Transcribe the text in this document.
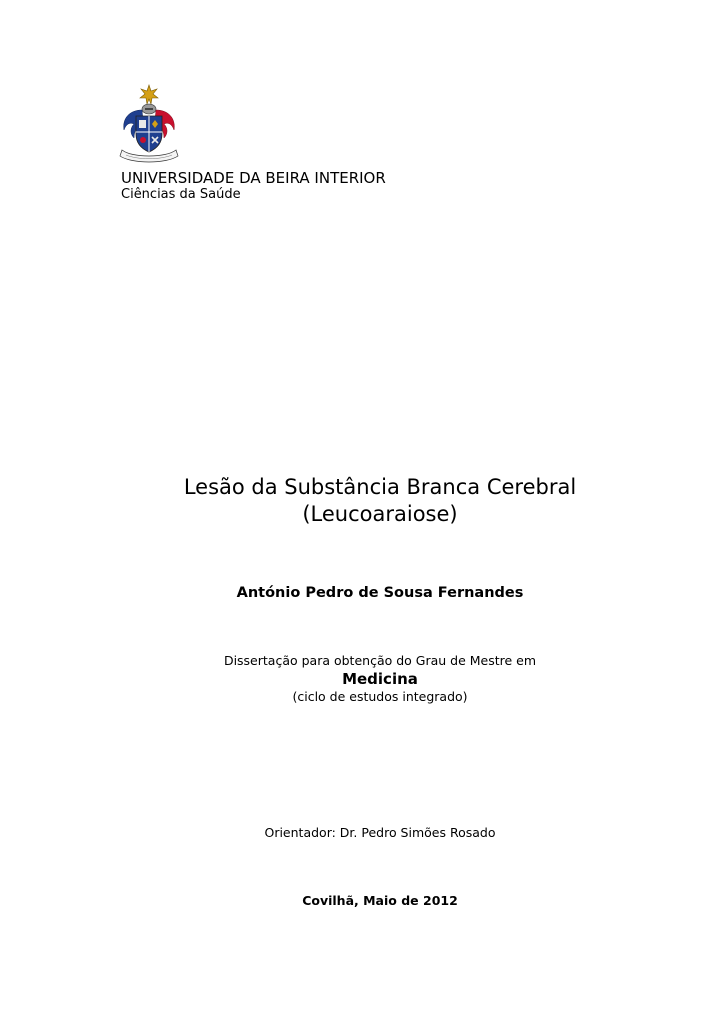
UNIVERSIDADE DA BEIRA INTERIOR
Ciências da Saúde
Lesão da Substância Branca Cerebral
(Leucoaraiose)
António Pedro de Sousa Fernandes
Dissertação para obtenção do Grau de Mestre em
Medicina
(ciclo de estudos integrado)
Orientador: Dr. Pedro Simões Rosado
Covilhã, Maio de 2012
